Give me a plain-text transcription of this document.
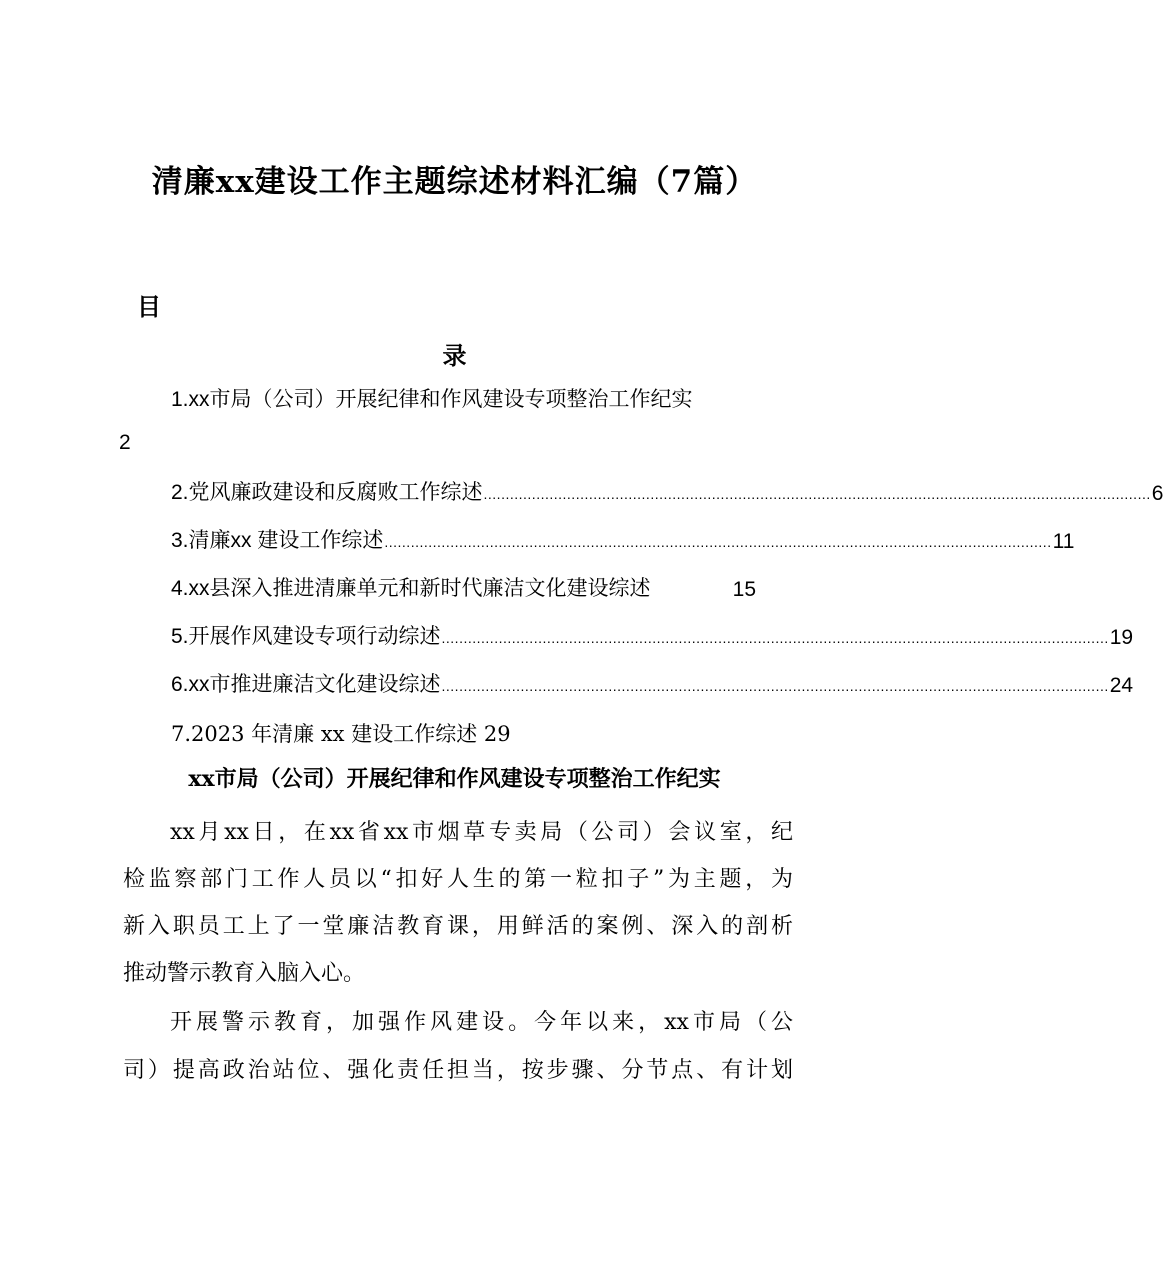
清廉xx建设工作主题综述材料汇编（7篇）
目
录
1.xx市局（公司）开展纪律和作风建设专项整治工作纪实
2
2.党风廉政建设和反腐败工作综述 ........................................................................................................................................................ 6
3.清廉xx 建设工作综述 ........................................................................................................................................................ 11
4.xx县深入推进清廉单元和新时代廉洁文化建设综述	15
5.开展作风建设专项行动综述 ........................................................................................................................................................ 19
6.xx市推进廉洁文化建设综述 ........................................................................................................................................................ 24
7.2023 年清廉 xx 建设工作综述 29
xx市局（公司）开展纪律和作风建设专项整治工作纪实
xx月xx日，在xx省xx市烟草专卖局（公司）会议室，纪
检监察部门工作人员以“扣好人生的第一粒扣子”为主题，为
新入职员工上了一堂廉洁教育课，用鲜活的案例、深入的剖析
推动警示教育入脑入心。
开展警示教育，加强作风建设。今年以来，xx市局（公
司）提高政治站位、强化责任担当，按步骤、分节点、有计划
